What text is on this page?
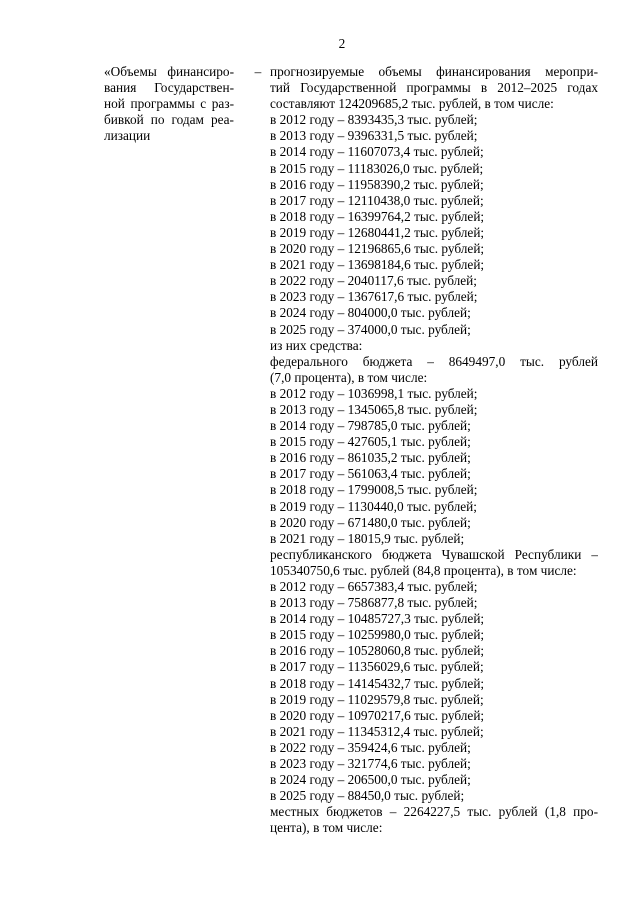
2
«Объемы финансиро-
вания Государствен-
ной программы с раз-
бивкой по годам реа-
лизации
– прогнозируемые объемы финансирования меропри-
тий Государственной программы в 2012–2025 годах
составляют 124209685,2 тыс. рублей, в том числе:
в 2012 году – 8393435,3 тыс. рублей;
в 2013 году – 9396331,5 тыс. рублей;
в 2014 году – 11607073,4 тыс. рублей;
в 2015 году – 11183026,0 тыс. рублей;
в 2016 году – 11958390,2 тыс. рублей;
в 2017 году – 12110438,0 тыс. рублей;
в 2018 году – 16399764,2 тыс. рублей;
в 2019 году – 12680441,2 тыс. рублей;
в 2020 году – 12196865,6 тыс. рублей;
в 2021 году – 13698184,6 тыс. рублей;
в 2022 году – 2040117,6 тыс. рублей;
в 2023 году – 1367617,6 тыс. рублей;
в 2024 году – 804000,0 тыс. рублей;
в 2025 году – 374000,0 тыс. рублей;
из них средства:
федерального бюджета – 8649497,0 тыс. рублей
(7,0 процента), в том числе:
в 2012 году – 1036998,1 тыс. рублей;
в 2013 году – 1345065,8 тыс. рублей;
в 2014 году – 798785,0 тыс. рублей;
в 2015 году – 427605,1 тыс. рублей;
в 2016 году – 861035,2 тыс. рублей;
в 2017 году – 561063,4 тыс. рублей;
в 2018 году – 1799008,5 тыс. рублей;
в 2019 году – 1130440,0 тыс. рублей;
в 2020 году – 671480,0 тыс. рублей;
в 2021 году – 18015,9 тыс. рублей;
республиканского бюджета Чувашской Республики –
105340750,6 тыс. рублей (84,8 процента), в том числе:
в 2012 году – 6657383,4 тыс. рублей;
в 2013 году – 7586877,8 тыс. рублей;
в 2014 году – 10485727,3 тыс. рублей;
в 2015 году – 10259980,0 тыс. рублей;
в 2016 году – 10528060,8 тыс. рублей;
в 2017 году – 11356029,6 тыс. рублей;
в 2018 году – 14145432,7 тыс. рублей;
в 2019 году – 11029579,8 тыс. рублей;
в 2020 году – 10970217,6 тыс. рублей;
в 2021 году – 11345312,4 тыс. рублей;
в 2022 году – 359424,6 тыс. рублей;
в 2023 году – 321774,6 тыс. рублей;
в 2024 году – 206500,0 тыс. рублей;
в 2025 году – 88450,0 тыс. рублей;
местных бюджетов – 2264227,5 тыс. рублей (1,8 про-
цента), в том числе:
